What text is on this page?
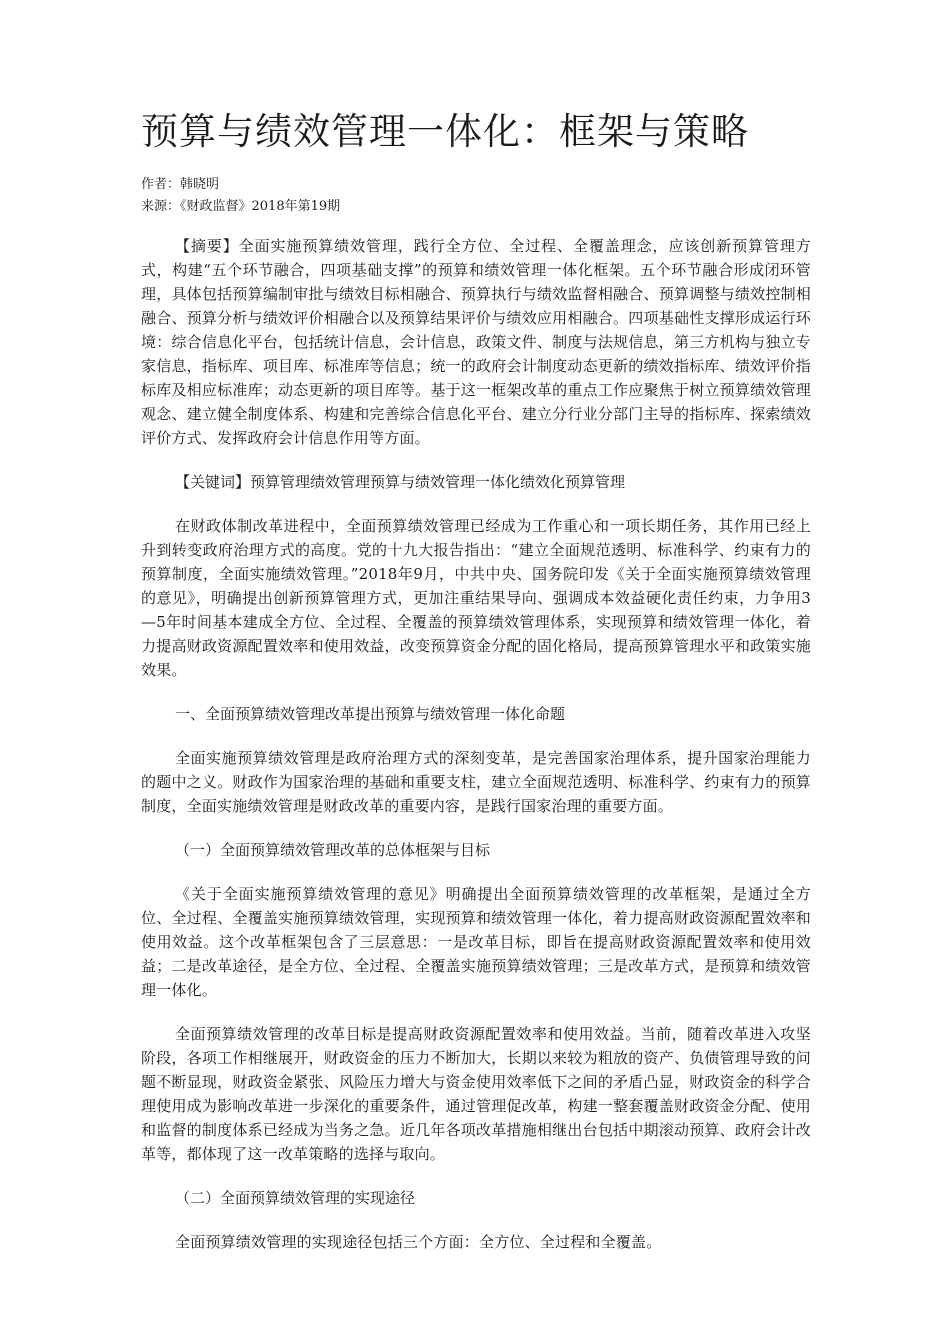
预算与绩效管理一体化：框架与策略

作者：韩晓明

来源：《财政监督》2018年第19期

【摘要】全面实施预算绩效管理，践行全方位、全过程、全覆盖理念，应该创新预算管理方式，构建“五个环节融合，四项基础支撑”的预算和绩效管理一体化框架。五个环节融合形成闭环管理，具体包括预算编制审批与绩效目标相融合、预算执行与绩效监督相融合、预算调整与绩效控制相融合、预算分析与绩效评价相融合以及预算结果评价与绩效应用相融合。四项基础性支撑形成运行环境：综合信息化平台，包括统计信息，会计信息，政策文件、制度与法规信息，第三方机构与独立专家信息，指标库、项目库、标准库等信息；统一的政府会计制度动态更新的绩效指标库、绩效评价指标库及相应标准库；动态更新的项目库等。基于这一框架改革的重点工作应聚焦于树立预算绩效管理观念、建立健全制度体系、构建和完善综合信息化平台、建立分行业分部门主导的指标库、探索绩效评价方式、发挥政府会计信息作用等方面。

【关键词】预算管理绩效管理预算与绩效管理一体化绩效化预算管理

在财政体制改革进程中，全面预算绩效管理已经成为工作重心和一项长期任务，其作用已经上升到转变政府治理方式的高度。党的十九大报告指出：“建立全面规范透明、标准科学、约束有力的预算制度，全面实施绩效管理。”2018年9月，中共中央、国务院印发《关于全面实施预算绩效管理的意见》，明确提出创新预算管理方式，更加注重结果导向、强调成本效益硬化责任约束，力争用3—5年时间基本建成全方位、全过程、全覆盖的预算绩效管理体系，实现预算和绩效管理一体化，着力提高财政资源配置效率和使用效益，改变预算资金分配的固化格局，提高预算管理水平和政策实施效果。

一、全面预算绩效管理改革提出预算与绩效管理一体化命题

全面实施预算绩效管理是政府治理方式的深刻变革，是完善国家治理体系，提升国家治理能力的题中之义。财政作为国家治理的基础和重要支柱，建立全面规范透明、标准科学、约束有力的预算制度，全面实施绩效管理是财政改革的重要内容，是践行国家治理的重要方面。

（一）全面预算绩效管理改革的总体框架与目标

《关于全面实施预算绩效管理的意见》明确提出全面预算绩效管理的改革框架，是通过全方位、全过程、全覆盖实施预算绩效管理，实现预算和绩效管理一体化，着力提高财政资源配置效率和使用效益。这个改革框架包含了三层意思：一是改革目标，即旨在提高财政资源配置效率和使用效益；二是改革途径，是全方位、全过程、全覆盖实施预算绩效管理；三是改革方式，是预算和绩效管理一体化。

全面预算绩效管理的改革目标是提高财政资源配置效率和使用效益。当前，随着改革进入攻坚阶段，各项工作相继展开，财政资金的压力不断加大，长期以来较为粗放的资产、负债管理导致的问题不断显现，财政资金紧张、风险压力增大与资金使用效率低下之间的矛盾凸显，财政资金的科学合理使用成为影响改革进一步深化的重要条件，通过管理促改革，构建一整套覆盖财政资金分配、使用和监督的制度体系已经成为当务之急。近几年各项改革措施相继出台包括中期滚动预算、政府会计改革等，都体现了这一改革策略的选择与取向。

（二）全面预算绩效管理的实现途径

全面预算绩效管理的实现途径包括三个方面：全方位、全过程和全覆盖。
